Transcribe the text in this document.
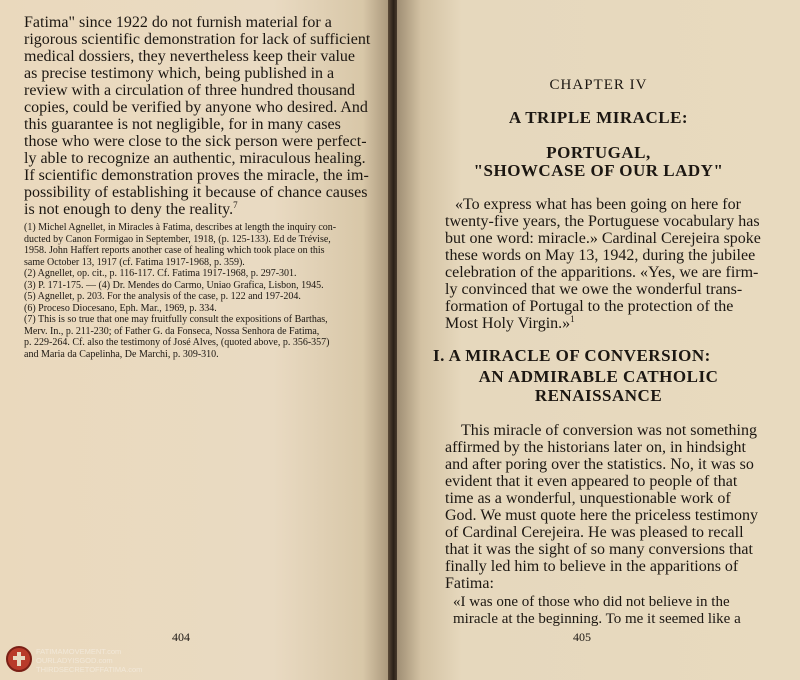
Fatima" since 1922 do not furnish material for a
rigorous scientific demonstration for lack of sufficient
medical dossiers, they nevertheless keep their value
as precise testimony which, being published in a
review with a circulation of three hundred thousand
copies, could be verified by anyone who desired. And
this guarantee is not negligible, for in many cases
those who were close to the sick person were perfect-
ly able to recognize an authentic, miraculous healing.
If scientific demonstration proves the miracle, the im-
possibility of establishing it because of chance causes
is not enough to deny the reality.$^7$
(1) Michel Agnellet, in Miracles à Fatima, describes at length the inquiry con-
ducted by Canon Formigao in September, 1918, (p. 125-133). Ed de Trévise,
1958. John Haffert reports another case of healing which took place on this
same October 13, 1917 (cf. Fatima 1917-1968, p. 359).
(2) Agnellet, op. cit., p. 116-117. Cf. Fatima 1917-1968, p. 297-301.
(3) P. 171-175. — (4) Dr. Mendes do Carmo, Uniao Grafica, Lisbon, 1945.
(5) Agnellet, p. 203. For the analysis of the case, p. 122 and 197-204.
(6) Proceso Diocesano, Eph. Mar., 1969, p. 334.
(7) This is so true that one may fruitfully consult the expositions of Barthas,
Merv. In., p. 211-230; of Father G. da Fonseca, Nossa Senhora de Fatima,
p. 229-264. Cf. also the testimony of José Alves, (quoted above, p. 356-357)
and Maria da Capelinha, De Marchi, p. 309-310.
404
FATIMAMOVEMENT.com
OURLADYISGOD.com
THIRDSECRETOFFATIMA.com
CHAPTER IV
A TRIPLE MIRACLE:
PORTUGAL,
"SHOWCASE OF OUR LADY"
«To express what has been going on here for
twenty-five years, the Portuguese vocabulary has
but one word: miracle.» Cardinal Cerejeira spoke
these words on May 13, 1942, during the jubilee
celebration of the apparitions. «Yes, we are firm-
ly convinced that we owe the wonderful trans-
formation of Portugal to the protection of the
Most Holy Virgin.»$^1$
I. A MIRACLE OF CONVERSION:
AN ADMIRABLE CATHOLIC
RENAISSANCE
This miracle of conversion was not something
affirmed by the historians later on, in hindsight
and after poring over the statistics. No, it was so
evident that it even appeared to people of that
time as a wonderful, unquestionable work of
God. We must quote here the priceless testimony
of Cardinal Cerejeira. He was pleased to recall
that it was the sight of so many conversions that
finally led him to believe in the apparitions of
Fatima:
«I was one of those who did not believe in the
miracle at the beginning. To me it seemed like a
405
